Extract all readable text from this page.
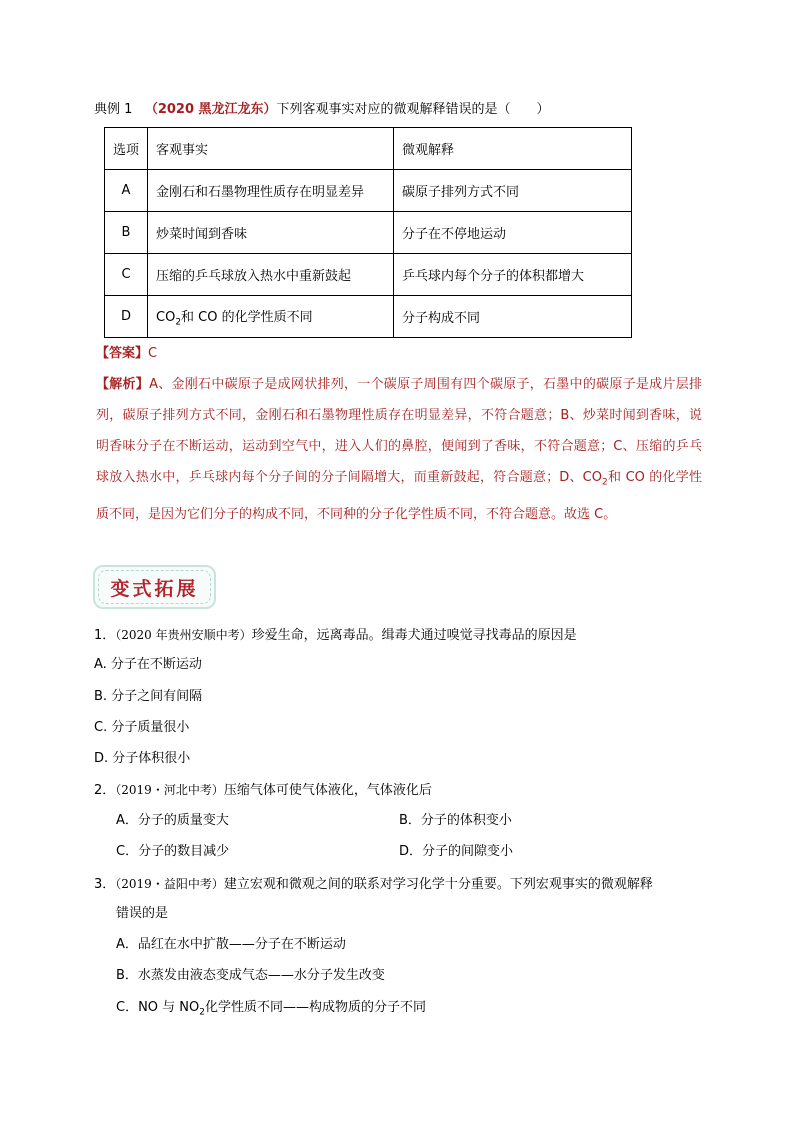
典例 1 （2020 黑龙江龙东）下列客观事实对应的微观解释错误的是（　　）
选项	客观事实	微观解释
A	金刚石和石墨物理性质存在明显差异	碳原子排列方式不同
B	炒菜时闻到香味	分子在不停地运动
C	压缩的乒乓球放入热水中重新鼓起	乒乓球内每个分子的体积都增大
D	$CO_2$和 CO 的化学性质不同	分子构成不同
【答案】C
【解析】A、金刚石中碳原子是成网状排列，一个碳原子周围有四个碳原子，石墨中的碳原子是成片层排列，碳原子排列方式不同，金刚石和石墨物理性质存在明显差异，不符合题意；B、炒菜时闻到香味，说明香味分子在不断运动，运动到空气中，进入人们的鼻腔，便闻到了香味，不符合题意；C、压缩的乒乓球放入热水中，乒乓球内每个分子间的分子间隔增大，而重新鼓起，符合题意；D、$CO_2$和 CO 的化学性质不同，是因为它们分子的构成不同，不同种的分子化学性质不同，不符合题意。故选 C。
变式拓展
1．（2020 年贵州安顺中考）珍爱生命，远离毒品。缉毒犬通过嗅觉寻找毒品的原因是
A. 分子在不断运动
B. 分子之间有间隔
C. 分子质量很小
D. 分子体积很小
2．（2019・河北中考）压缩气体可使气体液化，气体液化后
A．分子的质量变大	B．分子的体积变小
C．分子的数目减少	D．分子的间隙变小
3．（2019・益阳中考）建立宏观和微观之间的联系对学习化学十分重要。下列宏观事实的微观解释
错误的是
A．品红在水中扩散——分子在不断运动
B．水蒸发由液态变成气态——水分子发生改变
C．NO 与 $NO_2$化学性质不同——构成物质的分子不同
